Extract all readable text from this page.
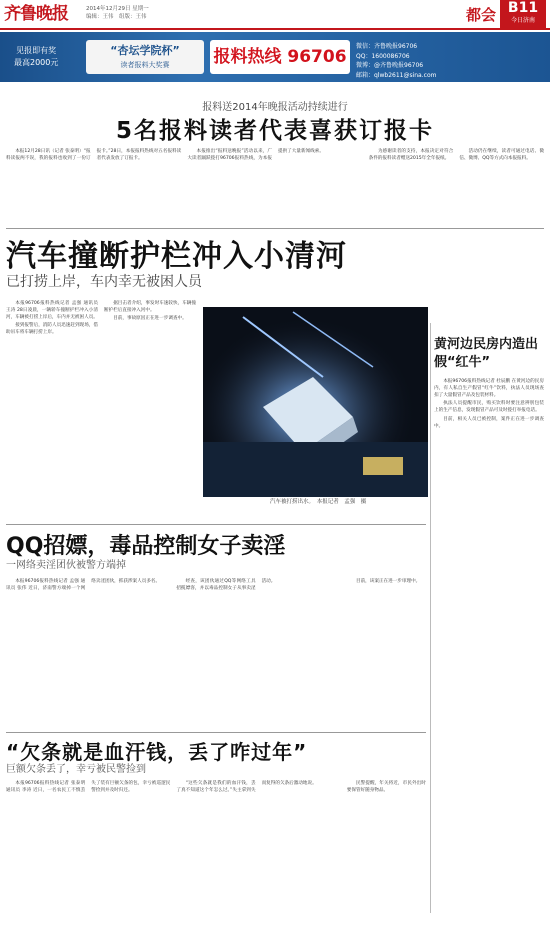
齐鲁晚报	2014年12月29日 星期一
编辑：王伟　组版：王伟	都会 B11
今日济南
见报即有奖
最高2000元
“杏坛学院杯”
读者报料大奖赛	报料热线 96706
微信：齐鲁晚报96706
QQ：1600086706
微博：@齐鲁晚报96706
邮箱：qlwb2611@sina.com
报料送2014年晚报活动持续进行
5名报料读者代表喜获订报卡

本报12月28日讯（记者 张泰明）“报料读报两不误，我的报料也收到了一份订报卡。”28日，本报报料热线对五名报料读者代表发放了订报卡。

本报推出“报料送晚报”活动以来，广大读者踊跃拨打96706报料热线，为本报提供了大量新闻线索。	为感谢读者的支持，本报决定对符合条件的报料读者赠送2015年全年报纸。

活动仍在继续，读者可通过电话、微信、微博、QQ等方式向本报报料。

汽车撞断护栏冲入小清河
已打捞上岸，车内幸无被困人员

本报96706报料热线记者 孟强 通讯员 王涛 28日凌晨，一辆轿车撞断护栏冲入小清河，车辆被打捞上岸后，车内并无被困人员。

接到报警后，消防人员迅速赶到现场，借助吊车将车辆打捞上岸。

据目击者介绍，事发时车速较快，车辆撞断护栏后直接冲入河中。

目前，事故原因正在进一步调查中。

汽车被打捞出水。　本报记者　孟强　摄
黄河边民房内造出假“红牛”

本报96706报料热线记者 杜辰鹏 在黄河边的民房内，有人私自生产假冒“红牛”饮料，执法人员现场查扣了大量假冒产品及包装材料。

执法人员提醒市民，购买饮料时要注意辨别包装上的生产信息，发现假冒产品可及时拨打举报电话。

目前，相关人员已被控制，案件正在进一步调查中。

QQ招嫖，毒品控制女子卖淫
一网络卖淫团伙被警方端掉

本报96706报料热线记者 孟强 通讯员 张伟 近日，济南警方端掉一个网络卖淫团伙，抓获涉案人员多名。	经查，该团伙通过QQ等网络工具招揽嫖客，并以毒品控制女子从事卖淫活动。	目前，该案正在进一步审理中。

“欠条就是血汗钱，丢了咋过年”
巨额欠条丢了，幸亏被民警捡到

本报96706报料热线记者 张泰明 通讯员 李涛 近日，一名农民工不慎丢失了装有巨额欠条的包，幸亏被巡逻民警捡到并及时归还。

“这些欠条就是我们的血汗钱，丢了真不知道这个年怎么过。”失主拿到失而复得的欠条后激动地说。	民警提醒，年关将近，市民外出时要保管好随身物品。
